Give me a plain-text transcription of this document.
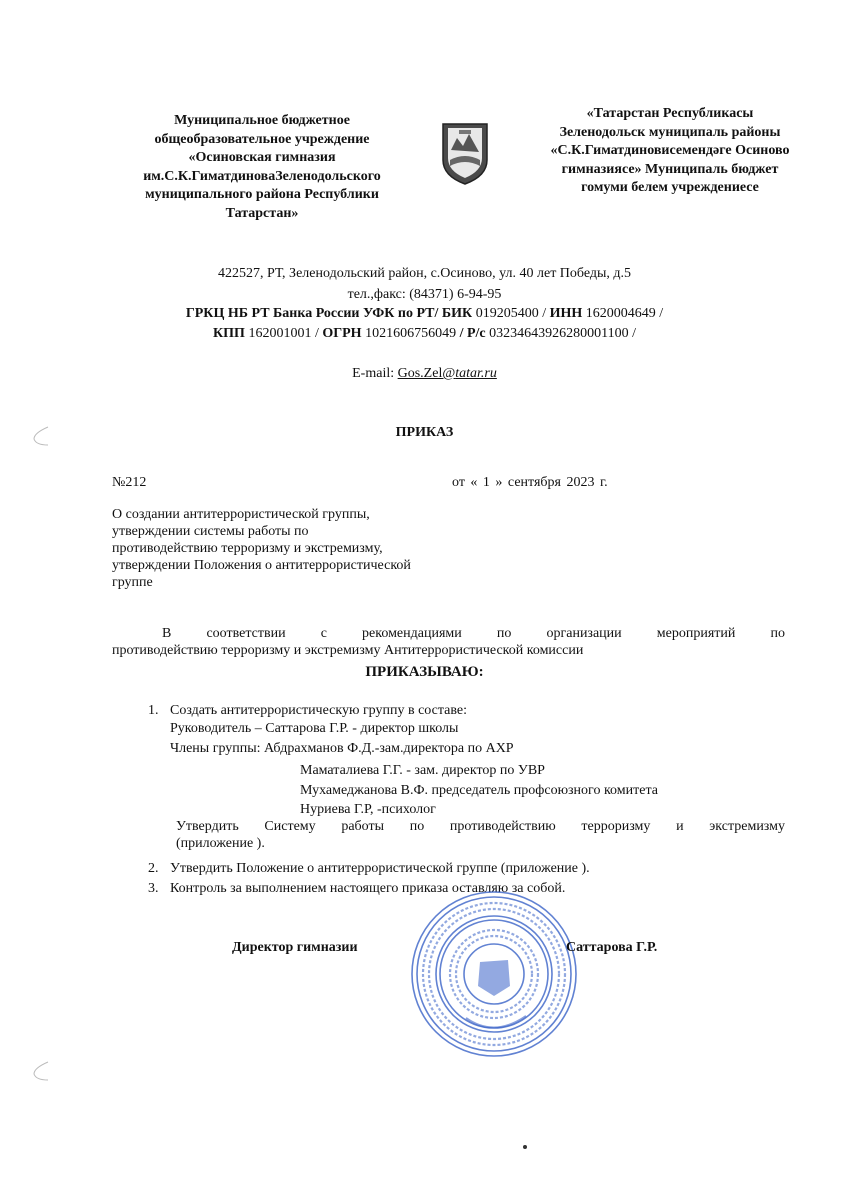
Муниципальное бюджетное
общеобразовательное учреждение
«Осиновская гимназия
им.С.К.ГиматдиноваЗеленодольского
муниципального района Республики
Татарстан»
«Татарстан Республикасы
Зеленодольск муниципаль районы
«С.К.Гиматдиновисемендәге Осиново
гимназиясе» Муниципаль бюджет
гомуми белем учреждениесе
422527, РТ, Зеленодольский район, с.Осиново, ул. 40 лет Победы, д.5
тел.,факс: (84371) 6-94-95
ГРКЦ НБ РТ Банка России УФК по РТ/ БИК 019205400 / ИНН 1620004649 /
КПП 162001001 / ОГРН 1021606756049 / Р/с 03234643926280001100 /
E-mail: Gos.Zel@tatar.ru
ПРИКАЗ
№212	от « 1 » сентября 2023 г.
О создании антитеррористической группы,
утверждении системы работы по
противодействию терроризму и экстремизму,
утверждении Положения о антитеррористической
группе
В соответствии с рекомендациями по организации мероприятий по
противодействию терроризму и экстремизму Антитеррористической комиссии
ПРИКАЗЫВАЮ:
1. Создать антитеррористическую группу в составе:
Руководитель – Саттарова Г.Р. - директор школы
Члены группы: Абдрахманов Ф.Д.-зам.директора по АХР
Маматалиева Г.Г. - зам. директор по УВР
Мухамеджанова В.Ф. председатель профсоюзного комитета
Нуриева Г.Р, -психолог
Утвердить Систему работы по противодействию терроризму и экстремизму
(приложение ).
2. Утвердить Положение о антитеррористической группе (приложение ).
3. Контроль за выполнением настоящего приказа оставляю за собой.
Директор гимназии	Саттарова Г.Р.
